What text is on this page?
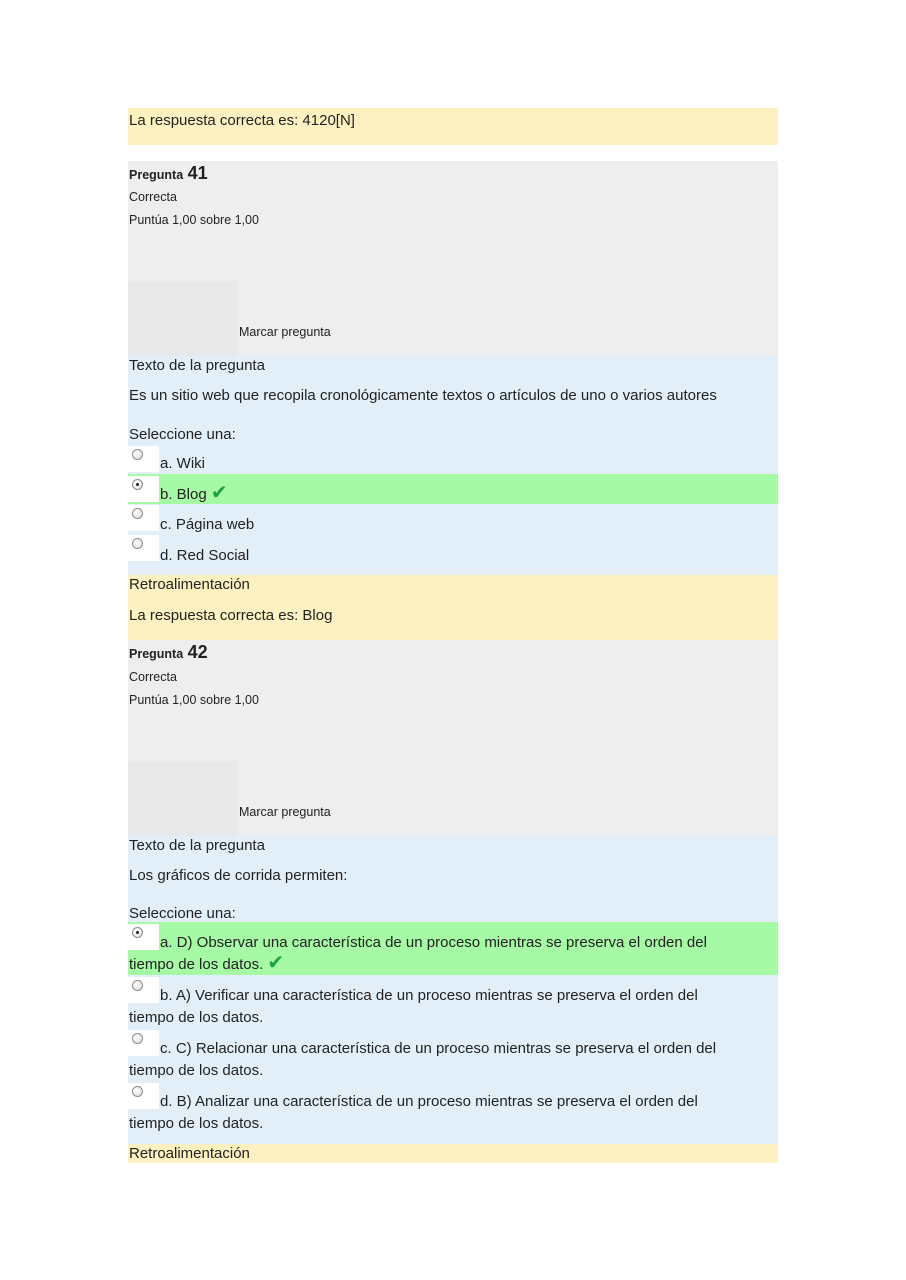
La respuesta correcta es: 4120[N]
Pregunta 41
Correcta
Puntúa 1,00 sobre 1,00
Marcar pregunta
Texto de la pregunta
Es un sitio web que recopila cronológicamente textos o artículos de uno o varios autores
Seleccione una:
a. Wiki
b. Blog ✔
c. Página web
d. Red Social
Retroalimentación
La respuesta correcta es: Blog
Pregunta 42
Correcta
Puntúa 1,00 sobre 1,00
Marcar pregunta
Texto de la pregunta
Los gráficos de corrida permiten:
Seleccione una:
a. D) Observar una característica de un proceso mientras se preserva el orden del
tiempo de los datos. ✔
b. A) Verificar una característica de un proceso mientras se preserva el orden del
tiempo de los datos.
c. C) Relacionar una característica de un proceso mientras se preserva el orden del
tiempo de los datos.
d. B) Analizar una característica de un proceso mientras se preserva el orden del
tiempo de los datos.
Retroalimentación
